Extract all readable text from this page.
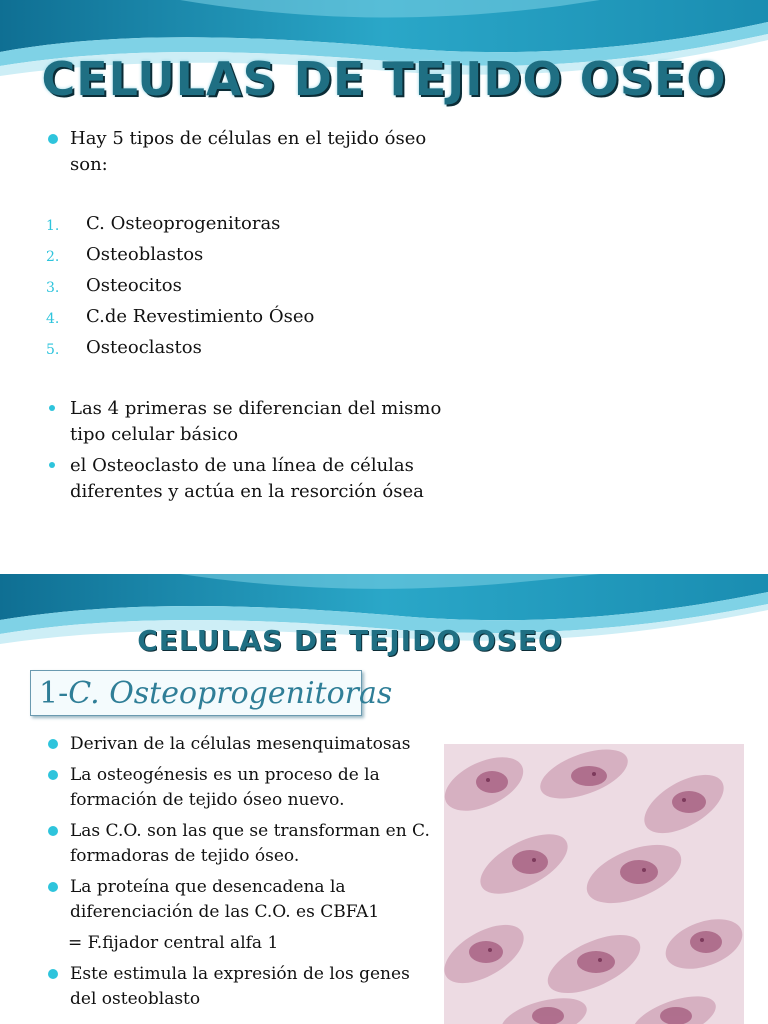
CELULAS DE TEJIDO OSEO
Hay 5 tipos de células en el tejido óseo son:
1. C. Osteoprogenitoras
2. Osteoblastos
3. Osteocitos
4. C.de Revestimiento Óseo
5. Osteoclastos
Las 4 primeras se diferencian del mismo tipo celular básico
el Osteoclasto de una línea de células diferentes y actúa en la resorción ósea
CELULAS DE TEJIDO OSEO
1-C. Osteoprogenitoras
Derivan de la células mesenquimatosas
La osteogénesis es un proceso de la formación de tejido óseo nuevo.
Las C.O. son las que se transforman en C. formadoras de tejido óseo.
La proteína que desencadena la diferenciación de las C.O. es CBFA1
= F.fijador central alfa 1
Este estimula la expresión de los genes del osteoblasto
